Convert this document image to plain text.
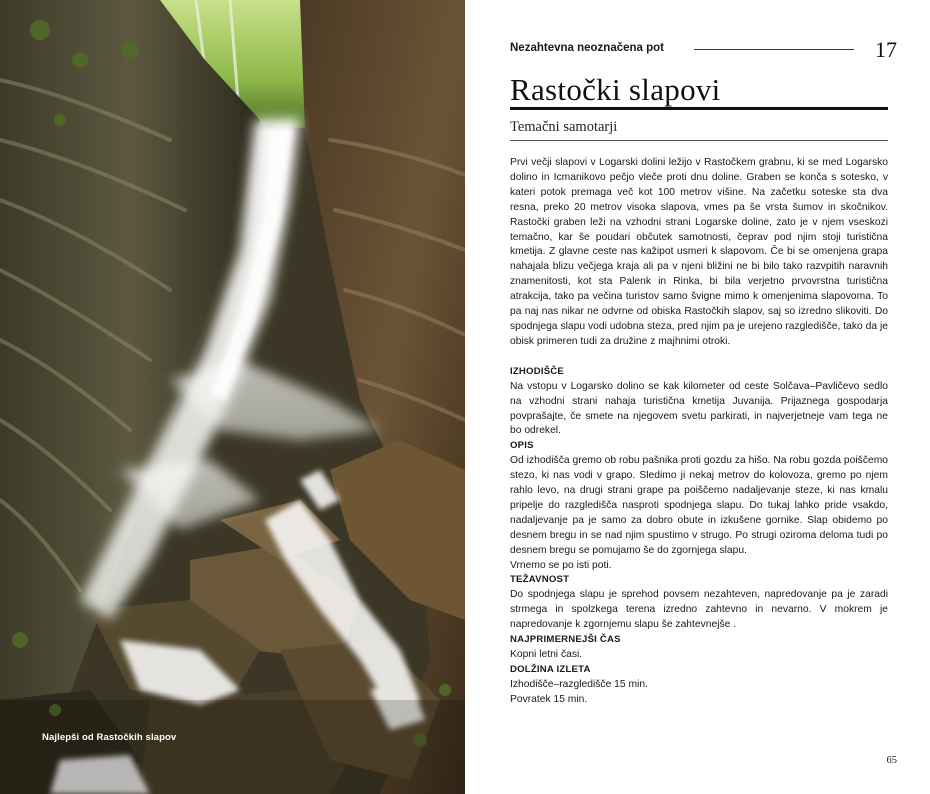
Najlepši od Rastočkih slapov
Nezahtevna neoznačena pot	17
Rastočki slapovi
Temačni samotarji

Prvi večji slapovi v Logarski dolini ležijo v Rastočkem grabnu, ki se med Logarsko dolino in Icmanikovo pečjo vleče proti dnu doline. Graben se konča s sotesko, v kateri potok premaga več kot 100 metrov višine. Na začetku soteske sta dva resna, preko 20 metrov visoka slapova, vmes pa še vrsta šumov in skočnikov. Rastočki graben leži na vzhodni strani Logarske doline, zato je v njem vseskozi temačno, kar še poudari občutek samotnosti, čeprav pod njim stoji turistična kmetija. Z glavne ceste nas kažipot usmeri k slapovom. Če bi se omenjena grapa nahajala blizu večjega kraja ali pa v njeni bližini ne bi bilo tako razvpitih naravnih znamenitosti, kot sta Palenk in Rinka, bi bila verjetno prvovrstna turistična atrakcija, tako pa večina turistov samo švigne mimo k omenjenima slapovoma. To pa naj nas nikar ne odvrne od obiska Rastočkih slapov, saj so izredno slikoviti. Do spodnjega slapu vodi udobna steza, pred njim pa je urejeno razgledišče, tako da je obisk primeren tudi za družine z majhnimi otroki.

IZHODIŠČE

Na vstopu v Logarsko dolino se kak kilometer od ceste Solčava–Pavličevo sedlo na vzhodni strani nahaja turistična kmetija Juvanija. Prijaznega gospodarja povprašajte, če smete na njegovem svetu parkirati, in najverjetneje vam tega ne bo odrekel.

OPIS

Od izhodišča gremo ob robu pašnika proti gozdu za hišo. Na robu gozda poiščemo stezo, ki nas vodi v grapo. Sledimo ji nekaj metrov do kolovoza, gremo po njem rahlo levo, na drugi strani grape pa poiščemo nadaljevanje steze, ki nas kmalu pripelje do razgledišča nasproti spodnjega slapu. Do tukaj lahko pride vsakdo, nadaljevanje pa je samo za dobro obute in izkušene gornike. Slap obidemo po desnem bregu in se nad njim spustimo v strugo. Po strugi oziroma deloma tudi po desnem bregu se pomujamo še do zgornjega slapu.

Vrnemo se po isti poti.

TEŽAVNOST

Do spodnjega slapu je sprehod povsem nezahteven, napredovanje pa je zaradi strmega in spolzkega terena izredno zahtevno in nevarno. V mokrem je napredovanje k zgornjemu slapu še zahtevnejše .

NAJPRIMERNEJŠI ČAS

Kopni letni časi.

DOLŽINA IZLETA

Izhodišče–razgledišče 15 min.

Povratek 15 min.

65
